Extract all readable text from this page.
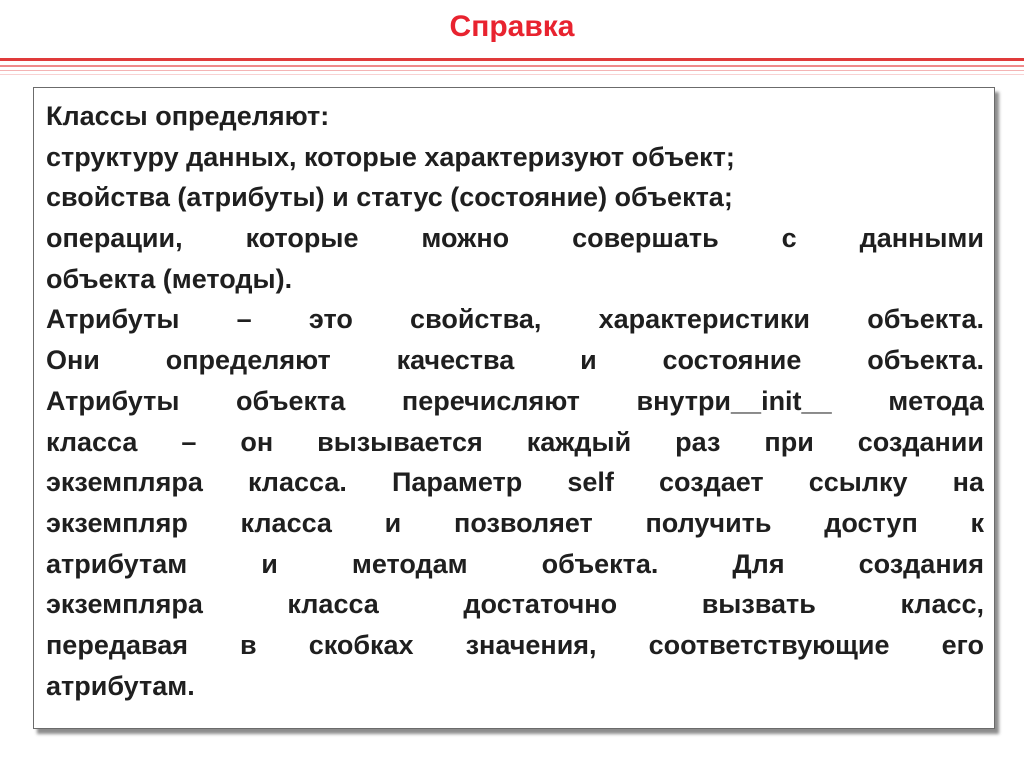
Справка
Классы определяют:
структуру данных, которые характеризуют объект;
свойства (атрибуты) и статус (состояние) объекта;
операции, которые можно совершать с данными
объекта (методы).
Атрибуты – это свойства, характеристики объекта.
Они определяют качества и состояние объекта.
Атрибуты объекта перечисляют внутри__init__ метода
класса – он вызывается каждый раз при создании
экземпляра класса. Параметр self создает ссылку на
экземпляр класса и позволяет получить доступ к
атрибутам и методам объекта. Для создания
экземпляра класса достаточно вызвать класс,
передавая в скобках значения, соответствующие его
атрибутам.
